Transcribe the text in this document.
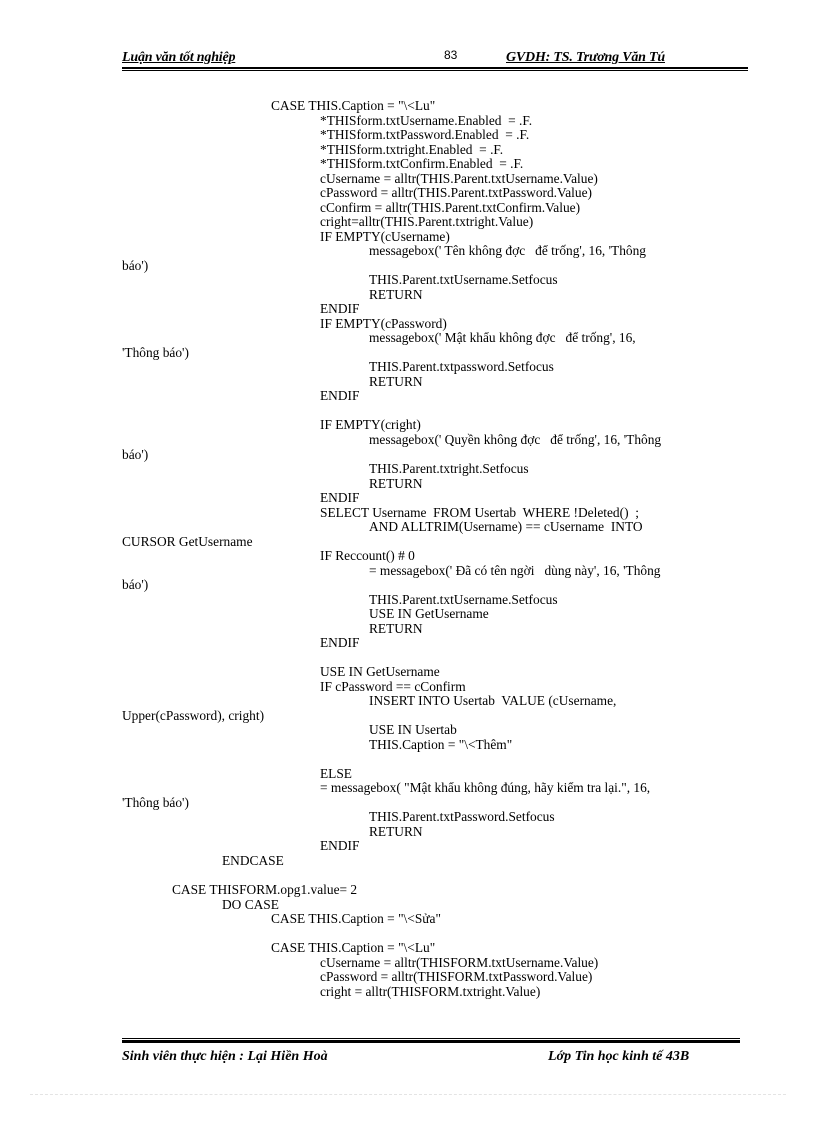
Luận văn tốt nghiệp	83	GVDH: TS. Trương Văn Tú
CASE THIS.Caption = "\<Lu"
*THISform.txtUsername.Enabled  = .F.
*THISform.txtPassword.Enabled  = .F.
*THISform.txtright.Enabled  = .F.
*THISform.txtConfirm.Enabled  = .F.
cUsername = alltr(THIS.Parent.txtUsername.Value)
cPassword = alltr(THIS.Parent.txtPassword.Value)
cConfirm = alltr(THIS.Parent.txtConfirm.Value)
cright=alltr(THIS.Parent.txtright.Value)
IF EMPTY(cUsername)
messagebox(' Tên không đợc   để trống', 16, 'Thông
báo')
THIS.Parent.txtUsername.Setfocus
RETURN
ENDIF
IF EMPTY(cPassword)
messagebox(' Mật khẩu không đợc   để trống', 16,
'Thông báo')
THIS.Parent.txtpassword.Setfocus
RETURN
ENDIF
IF EMPTY(cright)
messagebox(' Quyền không đợc   để trống', 16, 'Thông
báo')
THIS.Parent.txtright.Setfocus
RETURN
ENDIF
SELECT Username  FROM Usertab  WHERE !Deleted()  ;
AND ALLTRIM(Username) == cUsername  INTO
CURSOR GetUsername
IF Reccount() # 0
= messagebox(' Đã có tên ngời   dùng này', 16, 'Thông
báo')
THIS.Parent.txtUsername.Setfocus
USE IN GetUsername
RETURN
ENDIF
USE IN GetUsername
IF cPassword == cConfirm
INSERT INTO Usertab  VALUE (cUsername,
Upper(cPassword), cright)
USE IN Usertab
THIS.Caption = "\<Thêm"
ELSE
= messagebox( "Mật khẩu không đúng, hãy kiểm tra lại.", 16,
'Thông báo')
THIS.Parent.txtPassword.Setfocus
RETURN
ENDIF
ENDCASE
CASE THISFORM.opg1.value= 2
DO CASE
CASE THIS.Caption = "\<Sửa"
CASE THIS.Caption = "\<Lu"
cUsername = alltr(THISFORM.txtUsername.Value)
cPassword = alltr(THISFORM.txtPassword.Value)
cright = alltr(THISFORM.txtright.Value)
Sinh viên thực hiện : Lại Hiền Hoà	Lớp Tin học kinh tế 43B
